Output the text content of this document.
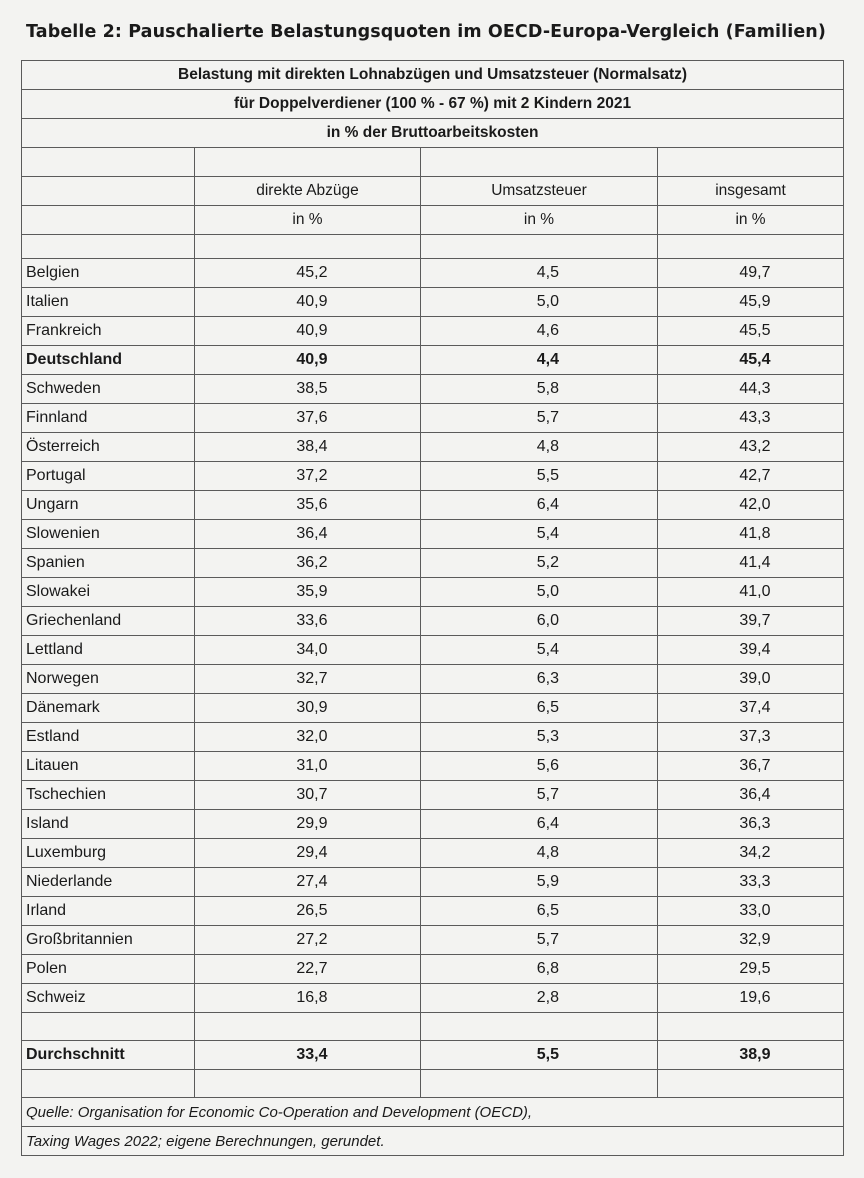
Tabelle 2: Pauschalierte Belastungsquoten im OECD-Europa-Vergleich (Familien)
Belastung mit direkten Lohnabzügen und Umsatzsteuer (Normalsatz)			
für Doppelverdiener (100 % - 67 %) mit 2 Kindern 2021			
in % der Bruttoarbeitskosten			

	direkte Abzüge	Umsatzsteuer	insgesamt
	in %	in %	in %

Belgien	45,2	4,5	49,7
Italien	40,9	5,0	45,9
Frankreich	40,9	4,6	45,5
Deutschland	40,9	4,4	45,4
Schweden	38,5	5,8	44,3
Finnland	37,6	5,7	43,3
Österreich	38,4	4,8	43,2
Portugal	37,2	5,5	42,7
Ungarn	35,6	6,4	42,0
Slowenien	36,4	5,4	41,8
Spanien	36,2	5,2	41,4
Slowakei	35,9	5,0	41,0
Griechenland	33,6	6,0	39,7
Lettland	34,0	5,4	39,4
Norwegen	32,7	6,3	39,0
Dänemark	30,9	6,5	37,4
Estland	32,0	5,3	37,3
Litauen	31,0	5,6	36,7
Tschechien	30,7	5,7	36,4
Island	29,9	6,4	36,3
Luxemburg	29,4	4,8	34,2
Niederlande	27,4	5,9	33,3
Irland	26,5	6,5	33,0
Großbritannien	27,2	5,7	32,9
Polen	22,7	6,8	29,5
Schweiz	16,8	2,8	19,6

Durchschnitt	33,4	5,5	38,9

Quelle: Organisation for Economic Co-Operation and Development (OECD),			
Taxing Wages 2022; eigene Berechnungen, gerundet.			
